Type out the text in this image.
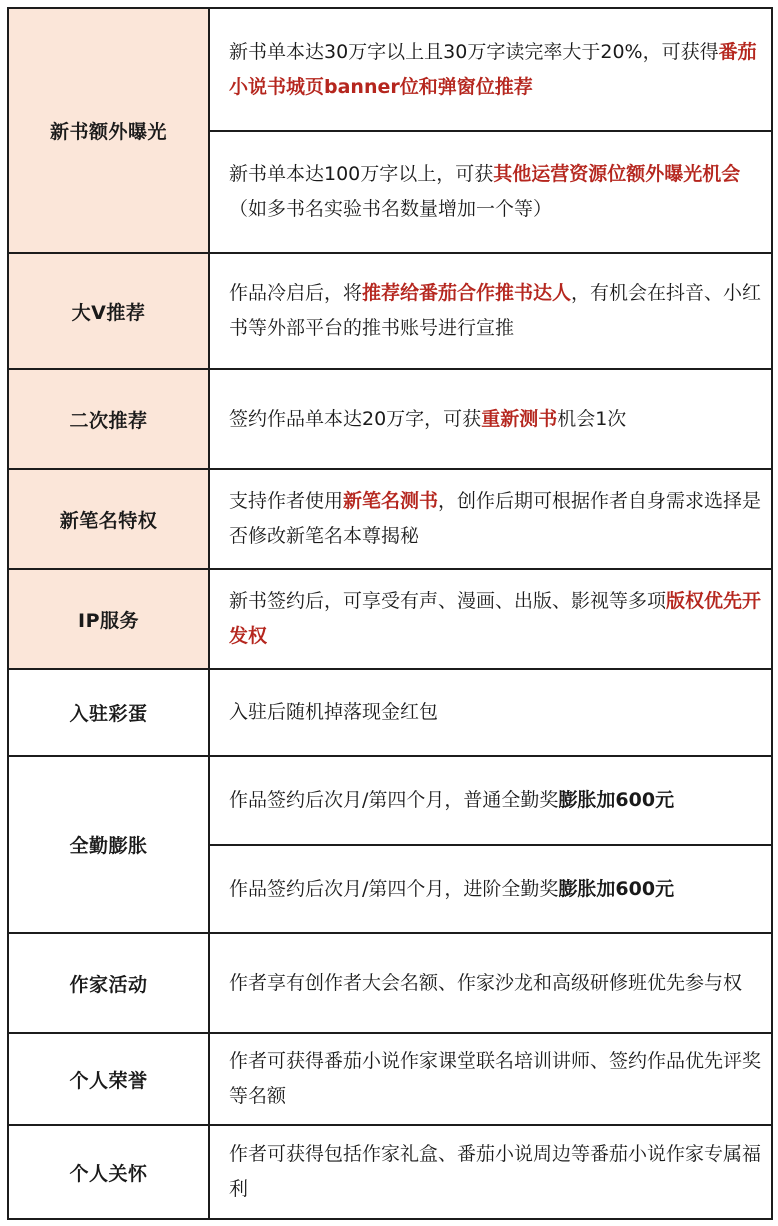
新书额外曝光	新书单本达30万字以上且30万字读完率大于20%，可获得番茄小说书城页banner位和弹窗位推荐
	新书单本达100万字以上，可获其他运营资源位额外曝光机会（如多书名实验书名数量增加一个等）
大V推荐	作品冷启后，将推荐给番茄合作推书达人，有机会在抖音、小红书等外部平台的推书账号进行宣推
二次推荐	签约作品单本达20万字，可获重新测书机会1次
新笔名特权	支持作者使用新笔名测书，创作后期可根据作者自身需求选择是否修改新笔名本尊揭秘
IP服务	新书签约后，可享受有声、漫画、出版、影视等多项版权优先开发权
入驻彩蛋	入驻后随机掉落现金红包
全勤膨胀	作品签约后次月/第四个月，普通全勤奖膨胀加600元
	作品签约后次月/第四个月，进阶全勤奖膨胀加600元
作家活动	作者享有创作者大会名额、作家沙龙和高级研修班优先参与权
个人荣誉	作者可获得番茄小说作家课堂联名培训讲师、签约作品优先评奖等名额
个人关怀	作者可获得包括作家礼盒、番茄小说周边等番茄小说作家专属福利
